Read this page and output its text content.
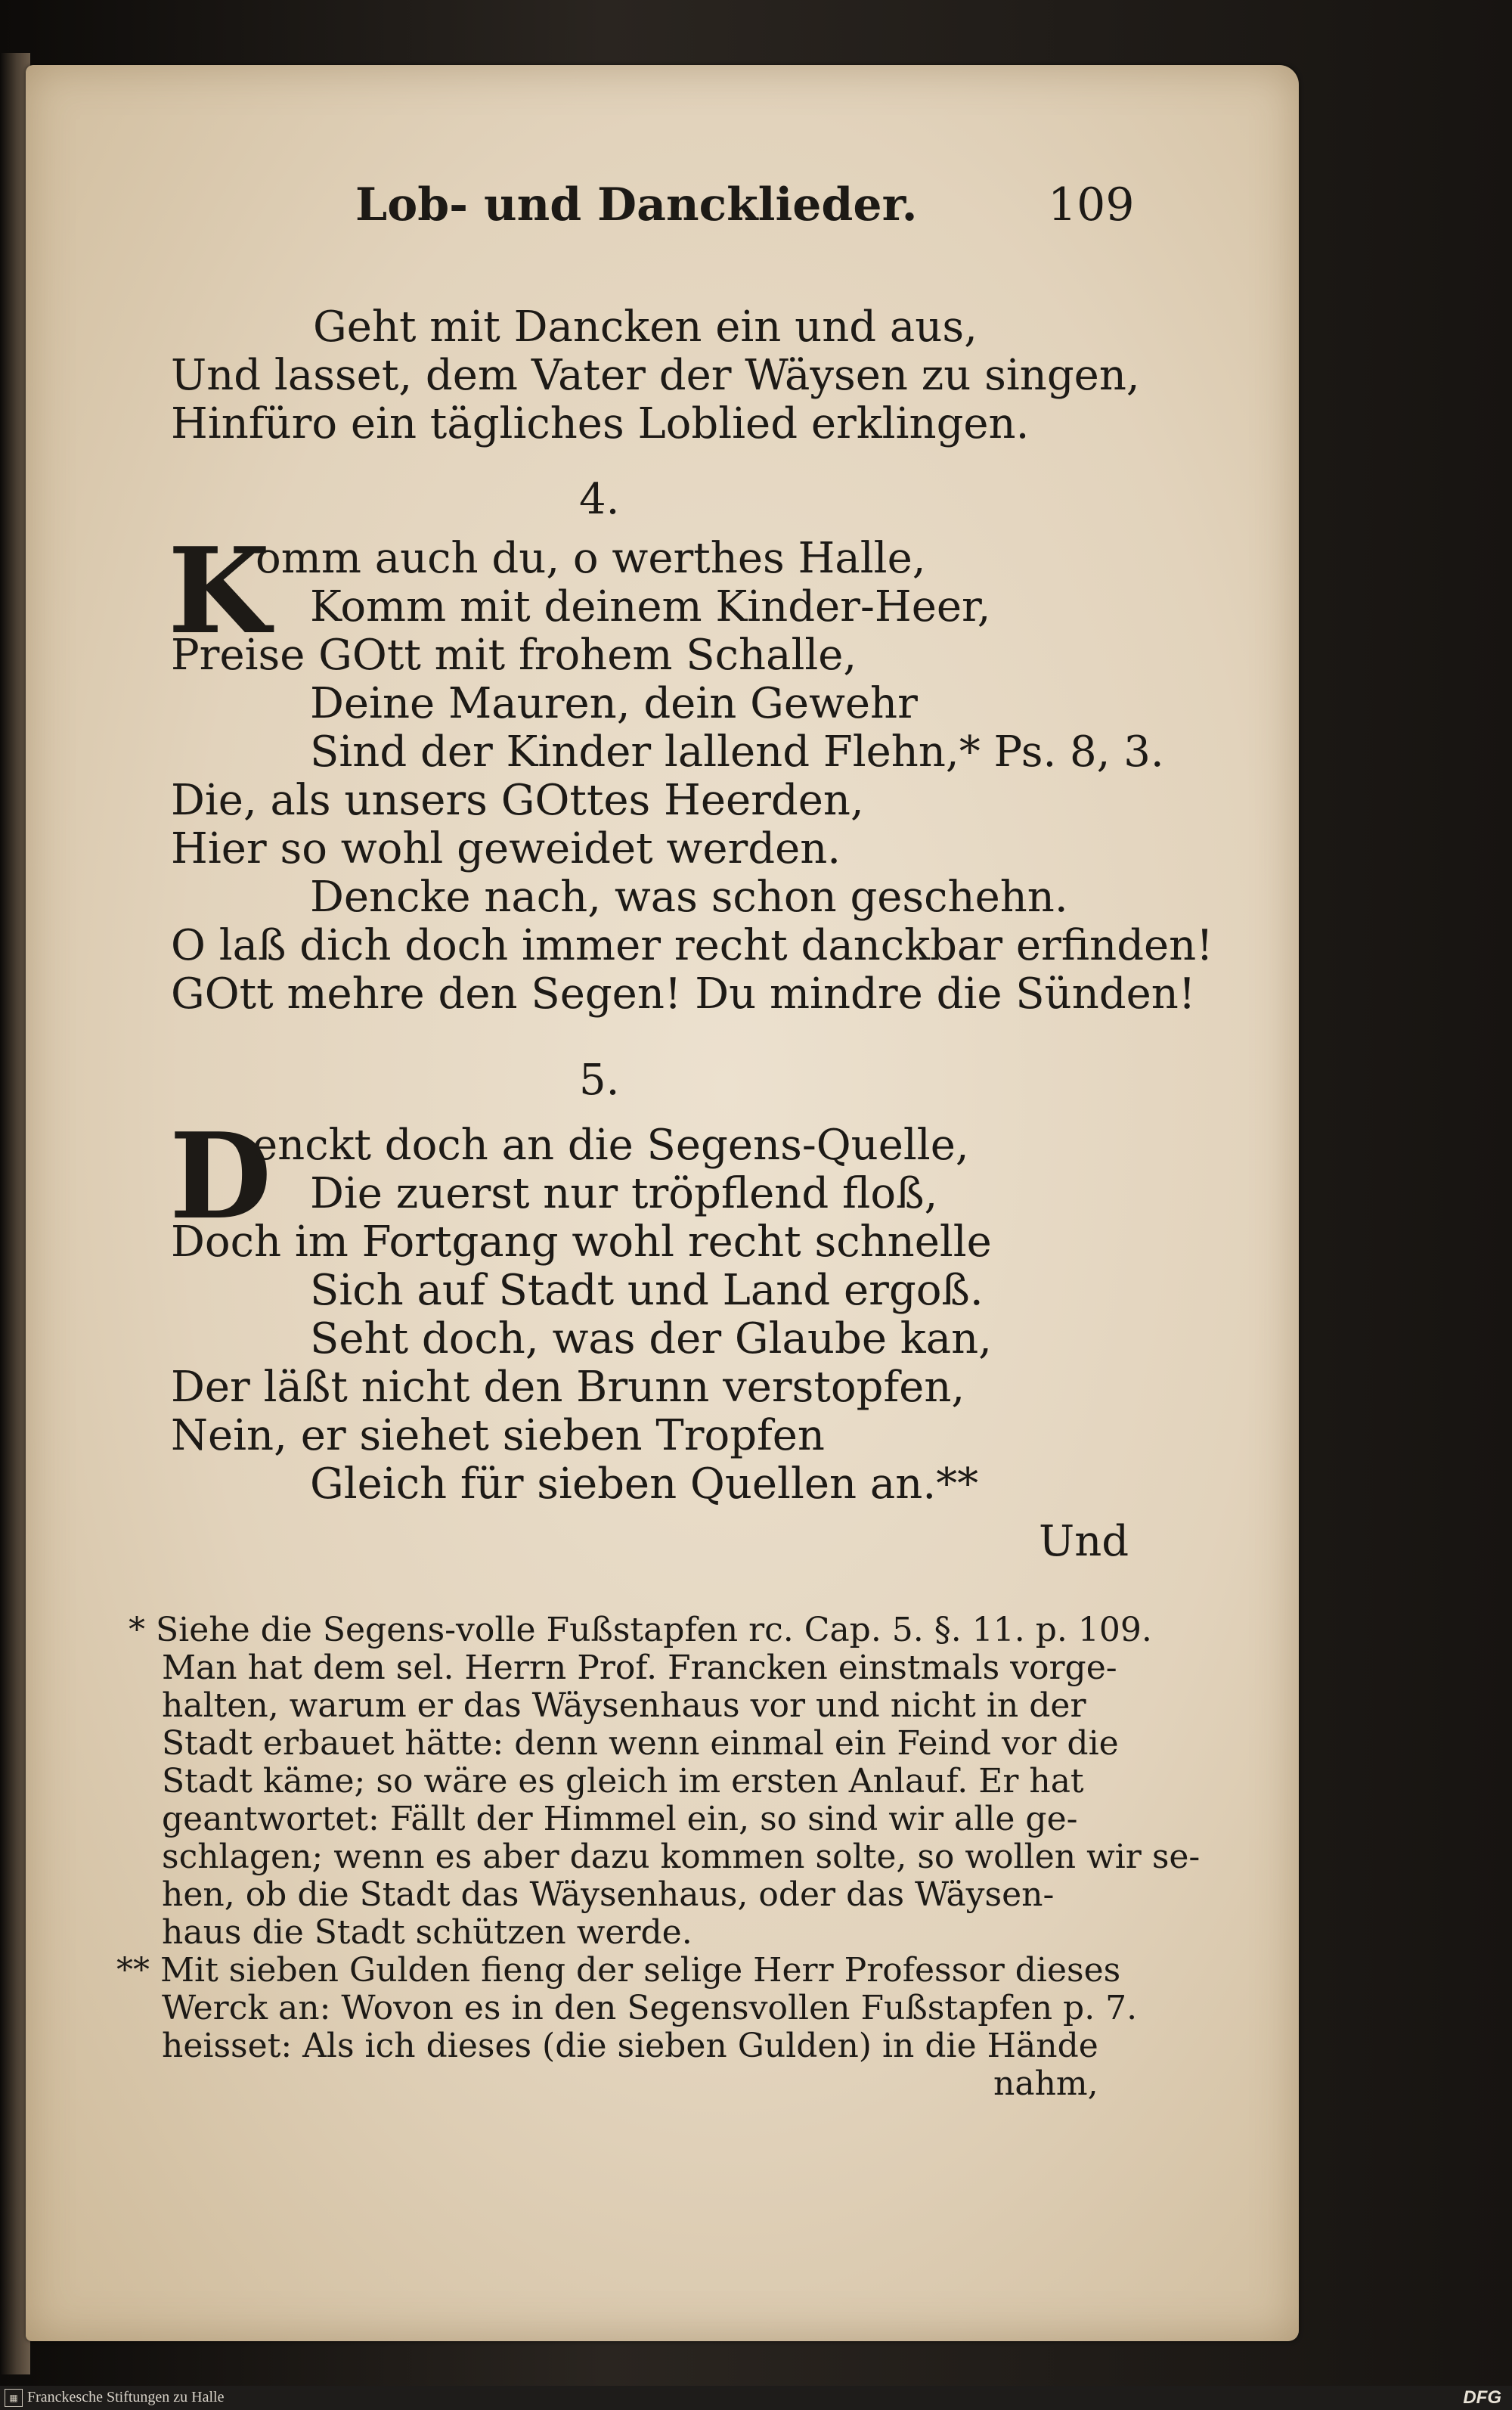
Lob- und Dancklieder.	109
Geht mit Dancken ein und aus,
Und lasset, dem Vater der Wäysen zu singen,
Hinfüro ein tägliches Loblied erklingen.
4.
K
omm auch du, o werthes Halle,
Komm mit deinem Kinder-Heer,
Preise GOtt mit frohem Schalle,
Deine Mauren, dein Gewehr
Sind der Kinder lallend Flehn,* Ps. 8, 3.
Die, als unsers GOttes Heerden,
Hier so wohl geweidet werden.
Dencke nach, was schon geschehn.
O laß dich doch immer recht danckbar erfinden!
GOtt mehre den Segen! Du mindre die Sünden!
5.
D
enckt doch an die Segens-Quelle,
Die zuerst nur tröpflend floß,
Doch im Fortgang wohl recht schnelle
Sich auf Stadt und Land ergoß.
Seht doch, was der Glaube kan,
Der läßt nicht den Brunn verstopfen,
Nein, er siehet sieben Tropfen
Gleich für sieben Quellen an.**
Und
* Siehe die Segens-volle Fußstapfen rc. Cap. 5. §. 11. p. 109.
Man hat dem sel. Herrn Prof. Francken einstmals vorge-
halten, warum er das Wäysenhaus vor und nicht in der
Stadt erbauet hätte: denn wenn einmal ein Feind vor die
Stadt käme; so wäre es gleich im ersten Anlauf. Er hat
geantwortet: Fällt der Himmel ein, so sind wir alle ge-
schlagen; wenn es aber dazu kommen solte, so wollen wir se-
hen, ob die Stadt das Wäysenhaus, oder das Wäysen-
haus die Stadt schützen werde.
** Mit sieben Gulden fieng der selige Herr Professor dieses
Werck an: Wovon es in den Segensvollen Fußstapfen p. 7.
heisset: Als ich dieses (die sieben Gulden) in die Hände
nahm,
▦ Franckesche Stiftungen zu Halle	DFG
